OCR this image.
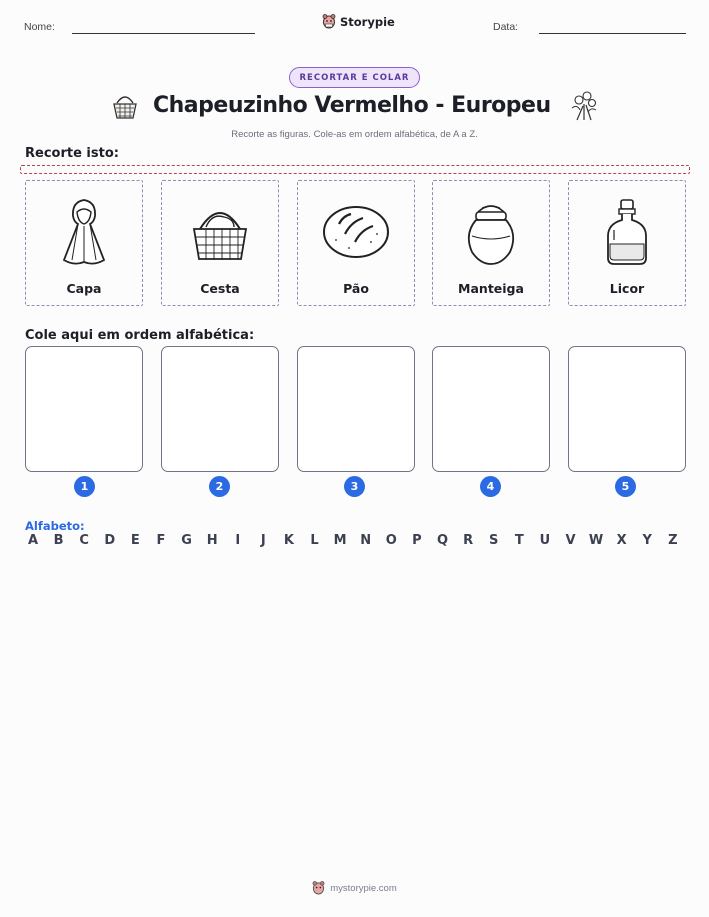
Nome:	Storypie	Data:
RECORTAR E COLAR
Chapeuzinho Vermelho - Europeu
Recorte as figuras. Cole-as em ordem alfabética, de A a Z.
Recorte isto:
Capa	Cesta	Pão	Manteiga	Licor
Cole aqui em ordem alfabética:
1	2	3	4	5
Alfabeto:
A B C D E F G H	I	J	K L M N O P Q R S T U V W X Y Z
mystorypie.com
